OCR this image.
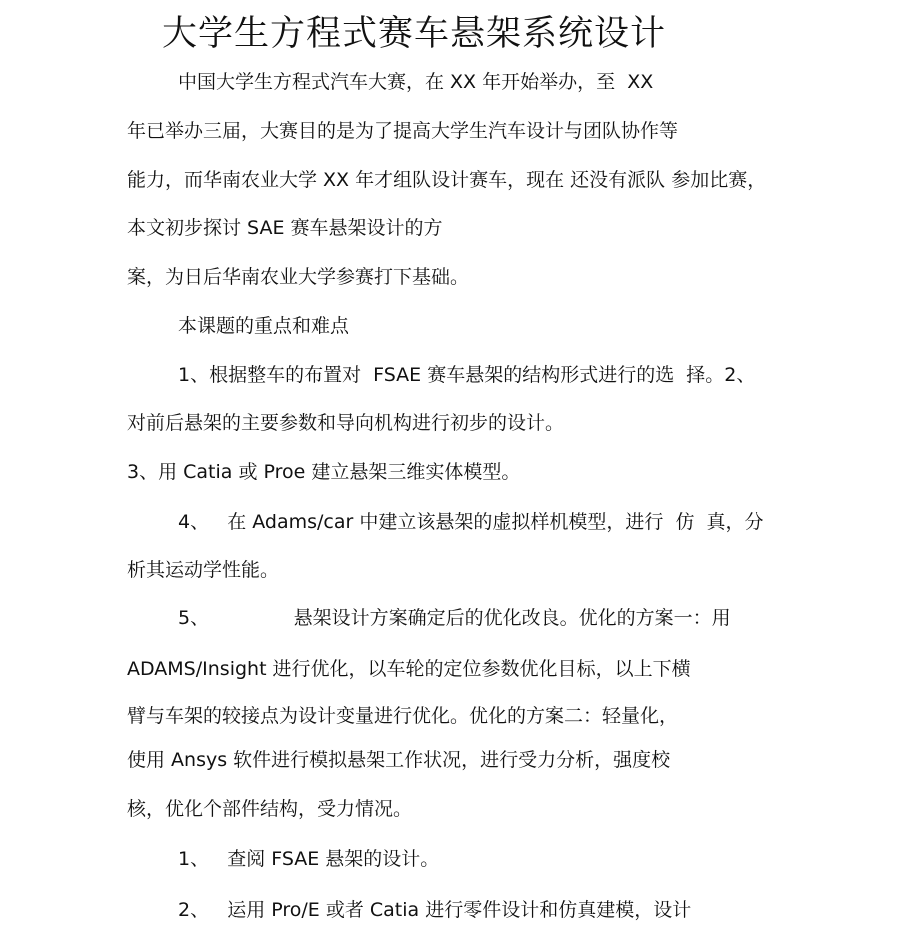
大学生方程式赛车悬架系统设计
中国大学生方程式汽车大赛，在 XX 年开始举办，至  XX
年已举办三届，大赛目的是为了提高大学生汽车设计与团队协作等
能力，而华南农业大学 XX 年才组队设计赛车，现在 还没有派队 参加比赛，
本文初步探讨 SAE 赛车悬架设计的方
案，为日后华南农业大学参赛打下基础。
本课题的重点和难点
1、根据整车的布置对  FSAE 赛车悬架的结构形式进行的选  择。2、
对前后悬架的主要参数和导向机构进行初步的设计。
3、用 Catia 或 Proe 建立悬架三维实体模型。
4、   在 Adams/car 中建立该悬架的虚拟样机模型，进行  仿  真，分
析其运动学性能。
5、              悬架设计方案确定后的优化改良。优化的方案一：用
ADAMS/Insight 进行优化，以车轮的定位参数优化目标，以上下横
臂与车架的较接点为设计变量进行优化。优化的方案二：轻量化，
使用 Ansys 软件进行模拟悬架工作状况，进行受力分析，强度校
核，优化个部件结构，受力情况。
1、   查阅 FSAE 悬架的设计。
2、   运用 Pro/E 或者 Catia 进行零件设计和仿真建模，设计
